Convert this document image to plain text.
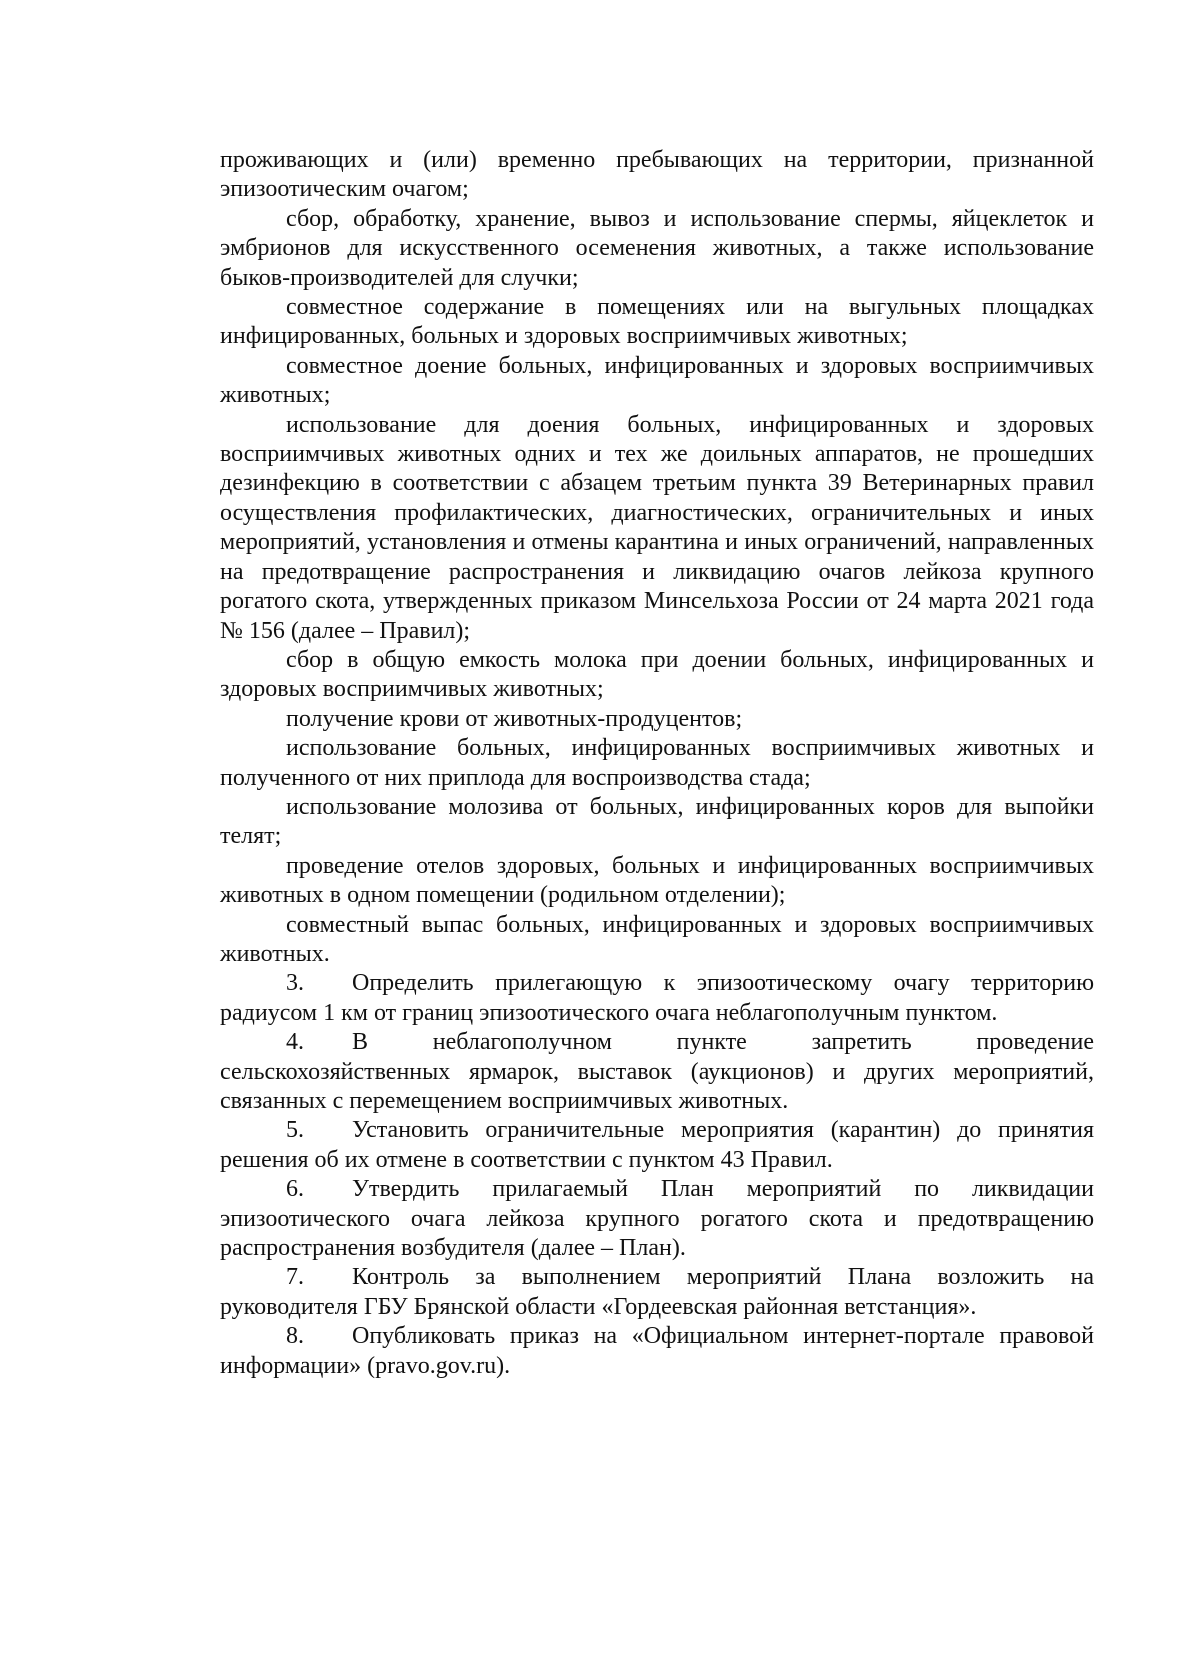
проживающих и (или) временно пребывающих на территории, признанной эпизоотическим очагом;

сбор, обработку, хранение, вывоз и использование спермы, яйцеклеток и эмбрионов для искусственного осеменения животных, а также использование быков-производителей для случки;

совместное содержание в помещениях или на выгульных площадках инфицированных, больных и здоровых восприимчивых животных;

совместное доение больных, инфицированных и здоровых восприимчивых животных;

использование для доения больных, инфицированных и здоровых восприимчивых животных одних и тех же доильных аппаратов, не прошедших дезинфекцию в соответствии с абзацем третьим пункта 39 Ветеринарных правил осуществления профилактических, диагностических, ограничительных и иных мероприятий, установления и отмены карантина и иных ограничений, направленных на предотвращение распространения и ликвидацию очагов лейкоза крупного рогатого скота, утвержденных приказом Минсельхоза России от 24 марта 2021 года № 156 (далее – Правил);

сбор в общую емкость молока при доении больных, инфицированных и здоровых восприимчивых животных;

получение крови от животных-продуцентов;

использование больных, инфицированных восприимчивых животных и полученного от них приплода для воспроизводства стада;

использование молозива от больных, инфицированных коров для выпойки телят;

проведение отелов здоровых, больных и инфицированных восприимчивых животных в одном помещении (родильном отделении);

совместный выпас больных, инфицированных и здоровых восприимчивых животных.

3. Определить прилегающую к эпизоотическому очагу территорию радиусом 1 км от границ эпизоотического очага неблагополучным пунктом.

4. В неблагополучном пункте запретить проведение сельскохозяйственных ярмарок, выставок (аукционов) и других мероприятий, связанных с перемещением восприимчивых животных.

5. Установить ограничительные мероприятия (карантин) до принятия решения об их отмене в соответствии с пунктом 43 Правил.

6. Утвердить прилагаемый План мероприятий по ликвидации эпизоотического очага лейкоза крупного рогатого скота и предотвращению распространения возбудителя (далее – План).

7. Контроль за выполнением мероприятий Плана возложить на руководителя ГБУ Брянской области «Гордеевская районная ветстанция».

8. Опубликовать приказ на «Официальном интернет-портале правовой информации» (pravo.gov.ru).
